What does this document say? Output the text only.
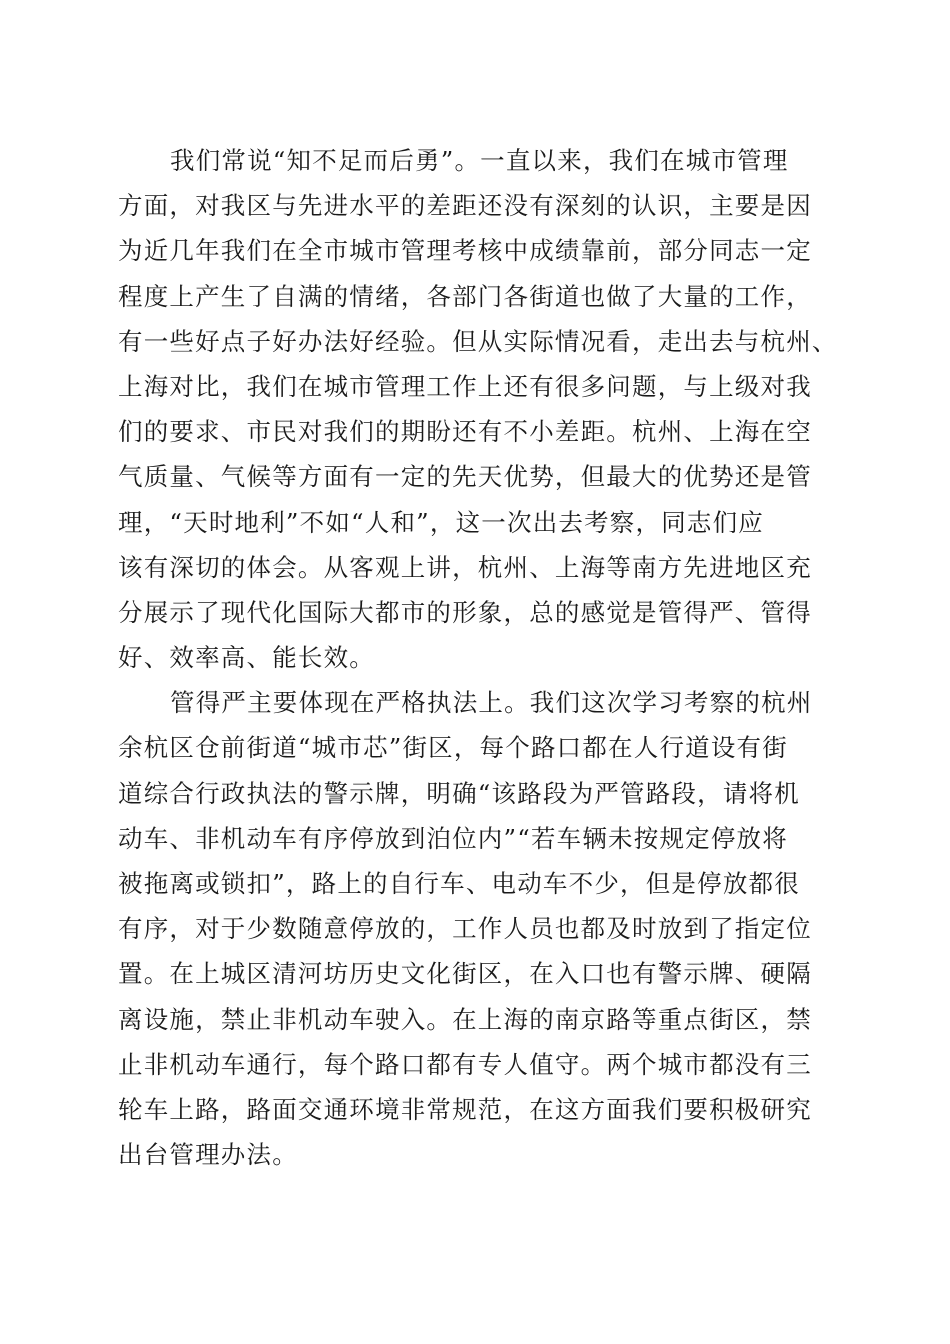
我们常说“知不足而后勇”。一直以来，我们在城市管理
方面，对我区与先进水平的差距还没有深刻的认识，主要是因
为近几年我们在全市城市管理考核中成绩靠前，部分同志一定
程度上产生了自满的情绪，各部门各街道也做了大量的工作，
有一些好点子好办法好经验。但从实际情况看，走出去与杭州、
上海对比，我们在城市管理工作上还有很多问题，与上级对我
们的要求、市民对我们的期盼还有不小差距。杭州、上海在空
气质量、气候等方面有一定的先天优势，但最大的优势还是管
理，“天时地利”不如“人和”，这一次出去考察，同志们应
该有深切的体会。从客观上讲，杭州、上海等南方先进地区充
分展示了现代化国际大都市的形象，总的感觉是管得严、管得
好、效率高、能长效。
管得严主要体现在严格执法上。我们这次学习考察的杭州
余杭区仓前街道“城市芯”街区，每个路口都在人行道设有街
道综合行政执法的警示牌，明确“该路段为严管路段，请将机
动车、非机动车有序停放到泊位内”“若车辆未按规定停放将
被拖离或锁扣”，路上的自行车、电动车不少，但是停放都很
有序，对于少数随意停放的，工作人员也都及时放到了指定位
置。在上城区清河坊历史文化街区，在入口也有警示牌、硬隔
离设施，禁止非机动车驶入。在上海的南京路等重点街区，禁
止非机动车通行，每个路口都有专人值守。两个城市都没有三
轮车上路，路面交通环境非常规范，在这方面我们要积极研究
出台管理办法。
